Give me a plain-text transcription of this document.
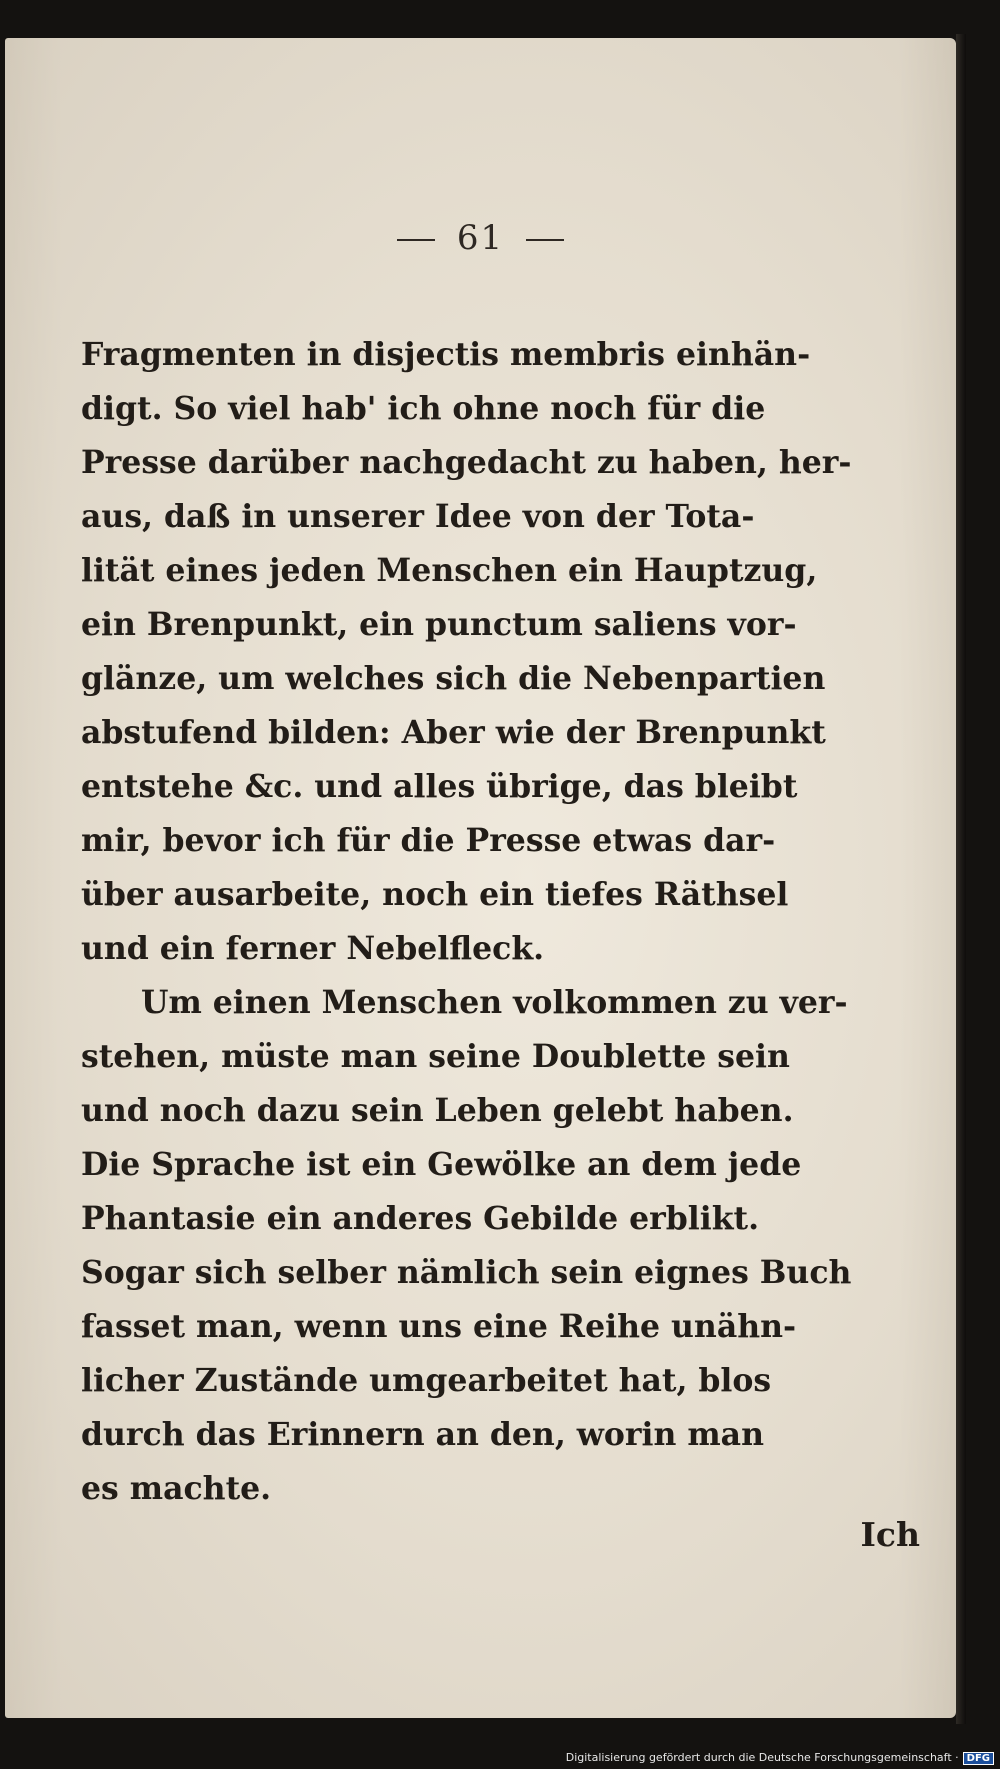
61
Fragmenten in disjectis membris einhän-
digt. So viel hab' ich ohne noch für die
Presse darüber nachgedacht zu haben, her-
aus, daß in unserer Idee von der Tota-
lität eines jeden Menschen ein Hauptzug,
ein Brenpunkt, ein punctum saliens vor-
glänze, um welches sich die Nebenpartien
abstufend bilden: Aber wie der Brenpunkt
entstehe &c. und alles übrige, das bleibt
mir, bevor ich für die Presse etwas dar-
über ausarbeite, noch ein tiefes Räthsel
und ein ferner Nebelfleck.
Um einen Menschen volkommen zu ver-
stehen, müste man seine Doublette sein
und noch dazu sein Leben gelebt haben.
Die Sprache ist ein Gewölke an dem jede
Phantasie ein anderes Gebilde erblikt.
Sogar sich selber nämlich sein eignes Buch
fasset man, wenn uns eine Reihe unähn-
licher Zustände umgearbeitet hat, blos
durch das Erinnern an den, worin man
es machte.
Ich
Digitalisierung gefördert durch die Deutsche Forschungsgemeinschaft · DFG
